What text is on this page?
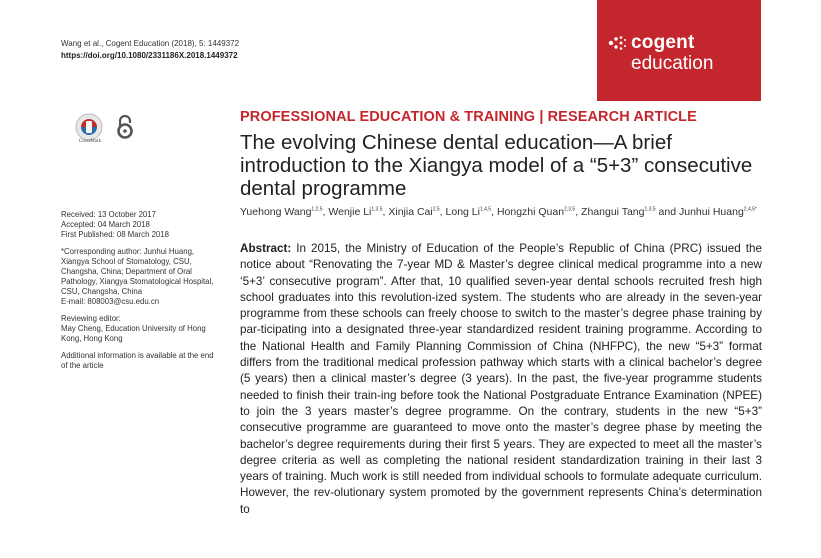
Wang et al., Cogent Education (2018), 5: 1449372
https://doi.org/10.1080/2331186X.2018.1449372
cogent
education
CrossMark
PROFESSIONAL EDUCATION & TRAINING | RESEARCH ARTICLE
The evolving Chinese dental education—A brief introduction to the Xiangya model of a “5+3” consecutive dental programme
Yuehong Wang$^{1,2,5}$, Wenjie Li$^{1,3,5}$, Xinjia Cai$^{2,5}$, Long Li$^{1,4,5}$, Hongzhi Quan$^{2,3,5}$, Zhangui Tang$^{1,3,5}$ and Junhui Huang$^{2,4,5*}$

Received: 13 October 2017

Accepted: 04 March 2018

First Published: 08 March 2018

*Corresponding author: Junhui Huang, Xiangya School of Stomatology, CSU, Changsha, China; Department of Oral Pathology, Xiangya Stomatological Hospital, CSU, Changsha, China

E-mail: 808003@csu.edu.cn

Reviewing editor:

May Cheng, Education University of Hong Kong, Hong Kong

Additional information is available at the end of the article

Abstract: In 2015, the Ministry of Education of the People’s Republic of China (PRC) issued the notice about “Renovating the 7-year MD & Master’s degree clinical medical programme into a new ‘5+3’ consecutive program”. After that, 10 qualified seven-year dental schools recruited fresh high school graduates into this revolution-ized system. The students who are already in the seven-year programme from these schools can freely choose to switch to the master’s degree phase training by par-ticipating into a designated three-year standardized resident training programme. According to the National Health and Family Planning Commission of China (NHFPC), the new “5+3” format differs from the traditional medical profession pathway which starts with a clinical bachelor’s degree (5 years) then a clinical master’s degree (3 years). In the past, the five-year programme students needed to finish their train-ing before took the National Postgraduate Entrance Examination (NPEE) to join the 3 years master’s degree programme. On the contrary, students in the new “5+3” consecutive programme are guaranteed to move onto the master’s degree phase by meeting the bachelor’s degree requirements during their first 5 years. They are expected to meet all the master’s degree criteria as well as completing the national resident standardization training in their last 3 years of training. Much work is still needed from individual schools to formulate adequate curriculum. However, the rev-olutionary system promoted by the government represents China’s determination to
